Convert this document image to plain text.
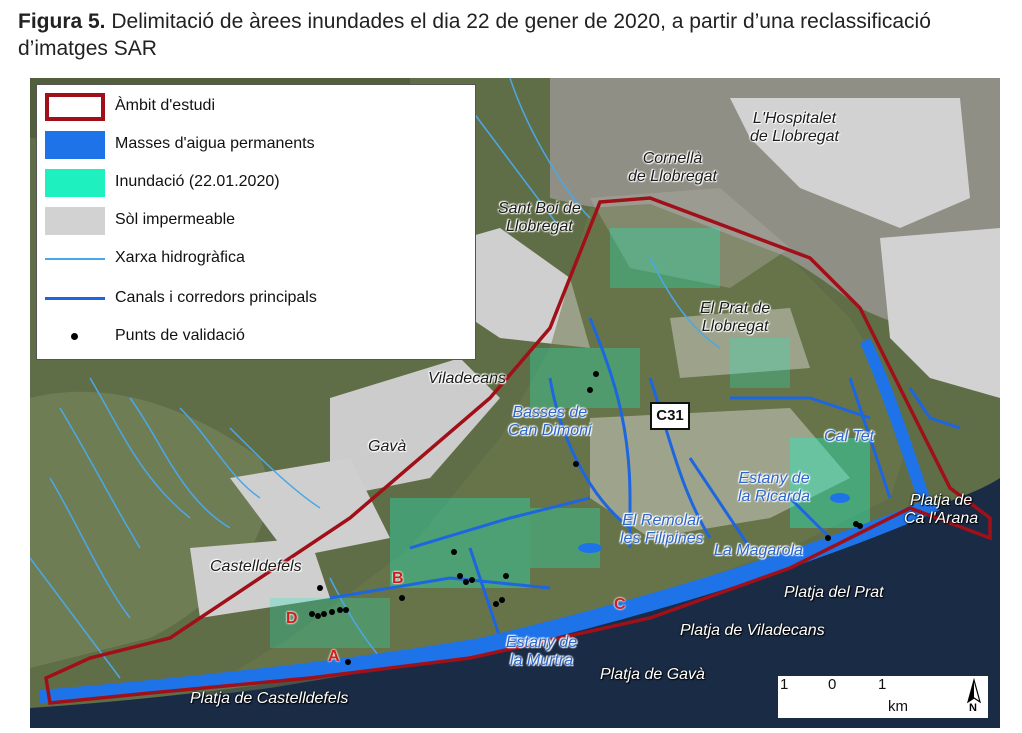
Figura 5. Delimitació de àrees inundades el dia 22 de gener de 2020, a partir d’una reclassificació d’imatges SAR
Àmbit d'estudi
Masses d'aigua permanents
Inundació (22.01.2020)
Sòl impermeable
Xarxa hidrogràfica
Canals i corredors principals
Punts de validació
L'Hospitalet
de Llobregat
Cornellà
de Llobregat
Sant Boi de
Llobregat
El Prat de
Llobregat
Viladecans
Gavà
Castelldefels
Basses de
Can Dimoni	Cal Tet
Estany de
la Ricarda
El Remolar
les Filipines
La Magarola
Estany de
la Murtra
Platja de
Ca l'Arana
Platja del Prat
Platja de Viladecans
Platja de Gavà
Platja de Castelldefels
A
B
C
D
C31
1	0	1
km	N
